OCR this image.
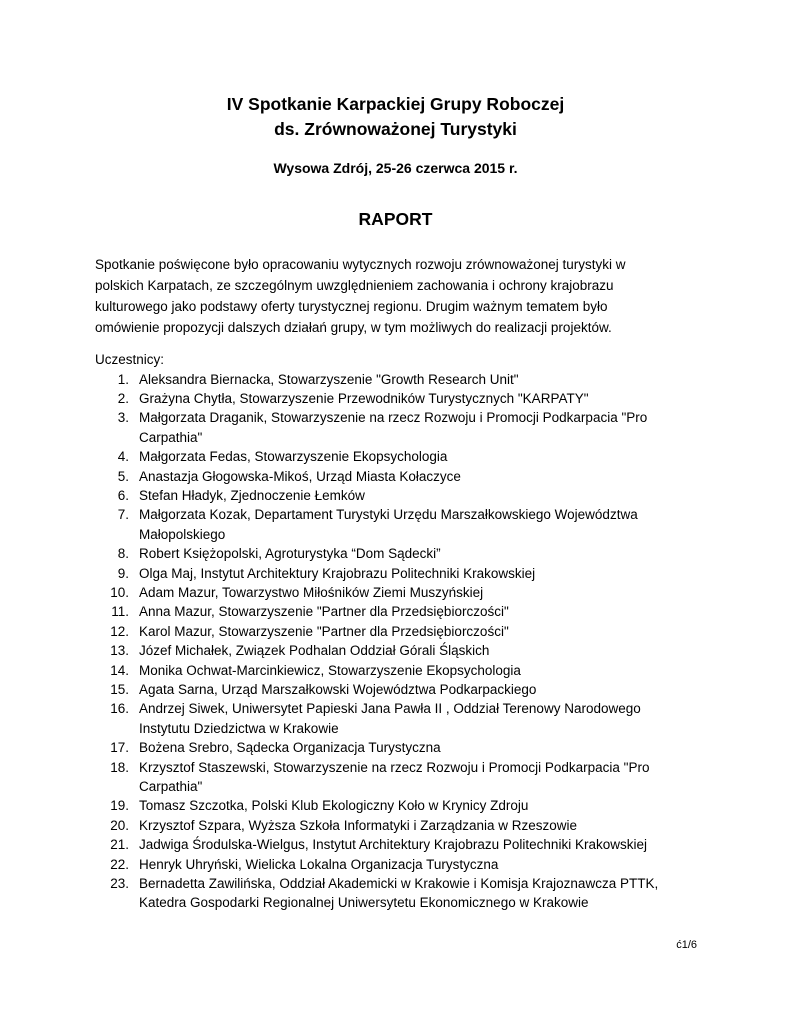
IV Spotkanie Karpackiej Grupy Roboczej
ds. Zrównoważonej Turystyki
Wysowa Zdrój, 25-26 czerwca 2015 r.
RAPORT
Spotkanie poświęcone było opracowaniu wytycznych rozwoju zrównoważonej turystyki w
polskich Karpatach, ze szczególnym uwzględnieniem zachowania i ochrony krajobrazu
kulturowego jako podstawy oferty turystycznej regionu. Drugim ważnym tematem było
omówienie propozycji dalszych działań grupy, w tym możliwych do realizacji projektów.
Uczestnicy:
1. Aleksandra Biernacka, Stowarzyszenie "Growth Research Unit"
2. Grażyna Chytła, Stowarzyszenie Przewodników Turystycznych "KARPATY"
3. Małgorzata Draganik, Stowarzyszenie na rzecz Rozwoju i Promocji Podkarpacia "Pro
Carpathia"
4. Małgorzata Fedas, Stowarzyszenie Ekopsychologia
5. Anastazja Głogowska-Mikoś, Urząd Miasta Kołaczyce
6. Stefan Hładyk, Zjednoczenie Łemków
7. Małgorzata Kozak, Departament Turystyki Urzędu Marszałkowskiego Województwa
Małopolskiego
8. Robert Księżopolski, Agroturystyka “Dom Sądecki”
9. Olga Maj, Instytut Architektury Krajobrazu Politechniki Krakowskiej
10. Adam Mazur, Towarzystwo Miłośników Ziemi Muszyńskiej
11. Anna Mazur, Stowarzyszenie "Partner dla Przedsiębiorczości"
12. Karol Mazur, Stowarzyszenie "Partner dla Przedsiębiorczości"
13. Józef Michałek, Związek Podhalan Oddział Górali Śląskich
14. Monika Ochwat-Marcinkiewicz, Stowarzyszenie Ekopsychologia
15. Agata Sarna, Urząd Marszałkowski Województwa Podkarpackiego
16. Andrzej Siwek, Uniwersytet Papieski Jana Pawła II , Oddział Terenowy Narodowego
Instytutu Dziedzictwa w Krakowie
17. Bożena Srebro, Sądecka Organizacja Turystyczna
18. Krzysztof Staszewski, Stowarzyszenie na rzecz Rozwoju i Promocji Podkarpacia "Pro
Carpathia"
19. Tomasz Szczotka, Polski Klub Ekologiczny Koło w Krynicy Zdroju
20. Krzysztof Szpara, Wyższa Szkoła Informatyki i Zarządzania w Rzeszowie
21. Jadwiga Środulska-Wielgus, Instytut Architektury Krajobrazu Politechniki Krakowskiej
22. Henryk Uhryński, Wielicka Lokalna Organizacja Turystyczna
23. Bernadetta Zawilińska, Oddział Akademicki w Krakowie i Komisja Krajoznawcza PTTK,
Katedra Gospodarki Regionalnej Uniwersytetu Ekonomicznego w Krakowie
ć1/6
